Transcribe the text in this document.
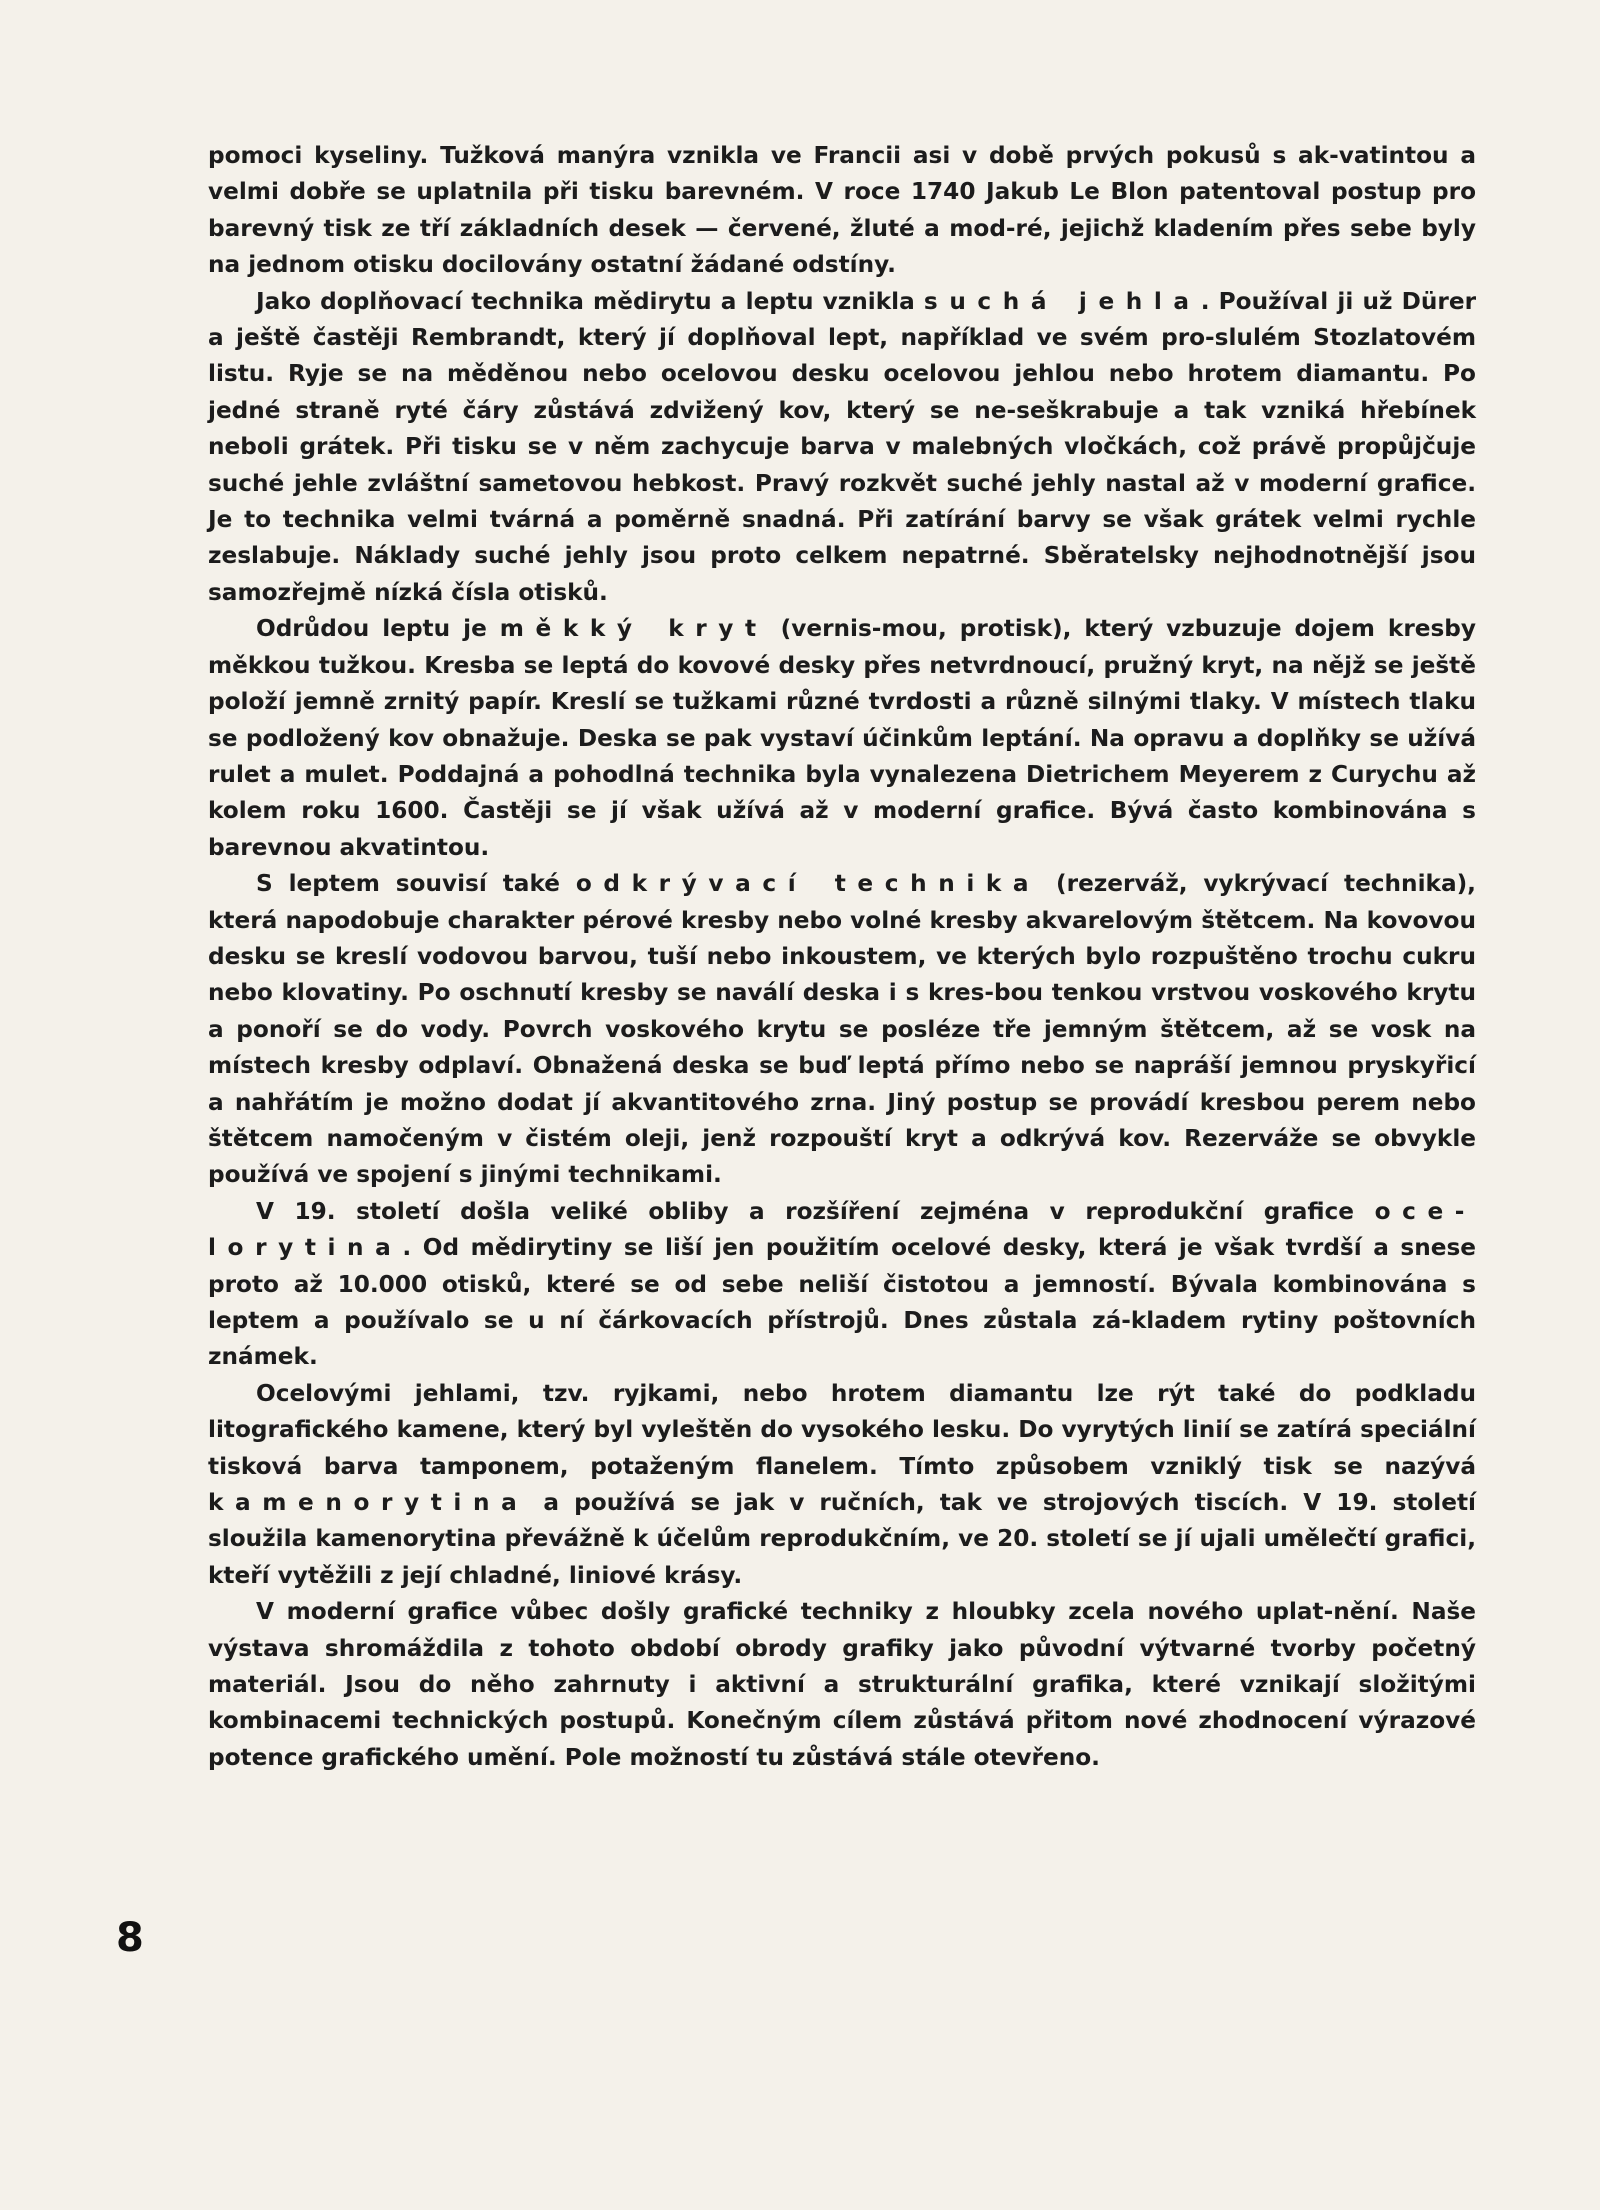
pomoci kyseliny. Tužková manýra vznikla ve Francii asi v době prvých pokusů s ak-vatintou a velmi dobře se uplatnila při tisku barevném. V roce 1740 Jakub Le Blon patentoval postup pro barevný tisk ze tří základních desek — červené, žluté a mod-ré, jejichž kladením přes sebe byly na jednom otisku docilovány ostatní žádané odstíny.

Jako doplňovací technika mědirytu a leptu vznikla suchá jehla. Používal ji už Dürer a ještě častěji Rembrandt, který jí doplňoval lept, například ve svém pro-slulém Stozlatovém listu. Ryje se na měděnou nebo ocelovou desku ocelovou jehlou nebo hrotem diamantu. Po jedné straně ryté čáry zůstává zdvižený kov, který se ne-seškrabuje a tak vzniká hřebínek neboli grátek. Při tisku se v něm zachycuje barva v malebných vločkách, což právě propůjčuje suché jehle zvláštní sametovou hebkost. Pravý rozkvět suché jehly nastal až v moderní grafice. Je to technika velmi tvárná a poměrně snadná. Při zatírání barvy se však grátek velmi rychle zeslabuje. Náklady suché jehly jsou proto celkem nepatrné. Sběratelsky nejhodnotnější jsou samozřejmě nízká čísla otisků.

Odrůdou leptu je měkký kryt (vernis-mou, protisk), který vzbuzuje dojem kresby měkkou tužkou. Kresba se leptá do kovové desky přes netvrdnoucí, pružný kryt, na nějž se ještě položí jemně zrnitý papír. Kreslí se tužkami různé tvrdosti a různě silnými tlaky. V místech tlaku se podložený kov obnažuje. Deska se pak vystaví účinkům leptání. Na opravu a doplňky se užívá rulet a mulet. Poddajná a pohodlná technika byla vynalezena Dietrichem Meyerem z Curychu až kolem roku 1600. Častěji se jí však užívá až v moderní grafice. Bývá často kombinována s barevnou akvatintou.

S leptem souvisí také odkrývací technika (rezerváž, vykrývací technika), která napodobuje charakter pérové kresby nebo volné kresby akvarelovým štětcem. Na kovovou desku se kreslí vodovou barvou, tuší nebo inkoustem, ve kterých bylo rozpuštěno trochu cukru nebo klovatiny. Po oschnutí kresby se naválí deska i s kres-bou tenkou vrstvou voskového krytu a ponoří se do vody. Povrch voskového krytu se posléze tře jemným štětcem, až se vosk na místech kresby odplaví. Obnažená deska se buď leptá přímo nebo se napráší jemnou pryskyřicí a nahřátím je možno dodat jí akvantitového zrna. Jiný postup se provádí kresbou perem nebo štětcem namočeným v čistém oleji, jenž rozpouští kryt a odkrývá kov. Rezerváže se obvykle používá ve spojení s jinými technikami.

V 19. století došla veliké obliby a rozšíření zejména v reprodukční grafice oce-lorytina. Od mědirytiny se liší jen použitím ocelové desky, která je však tvrdší a snese proto až 10.000 otisků, které se od sebe neliší čistotou a jemností. Bývala kombinována s leptem a používalo se u ní čárkovacích přístrojů. Dnes zůstala zá-kladem rytiny poštovních známek.

Ocelovými jehlami, tzv. ryjkami, nebo hrotem diamantu lze rýt také do podkladu litografického kamene, který byl vyleštěn do vysokého lesku. Do vyrytých linií se zatírá speciální tisková barva tamponem, potaženým flanelem. Tímto způsobem vzniklý tisk se nazývá kamenorytina a používá se jak v ručních, tak ve strojových tiscích. V 19. století sloužila kamenorytina převážně k účelům reprodukčním, ve 20. století se jí ujali umělečtí grafici, kteří vytěžili z její chladné, liniové krásy.

V moderní grafice vůbec došly grafické techniky z hloubky zcela nového uplat-nění. Naše výstava shromáždila z tohoto období obrody grafiky jako původní výtvarné tvorby početný materiál. Jsou do něho zahrnuty i aktivní a strukturální grafika, které vznikají složitými kombinacemi technických postupů. Konečným cílem zůstává přitom nové zhodnocení výrazové potence grafického umění. Pole možností tu zůstává stále otevřeno.

8
